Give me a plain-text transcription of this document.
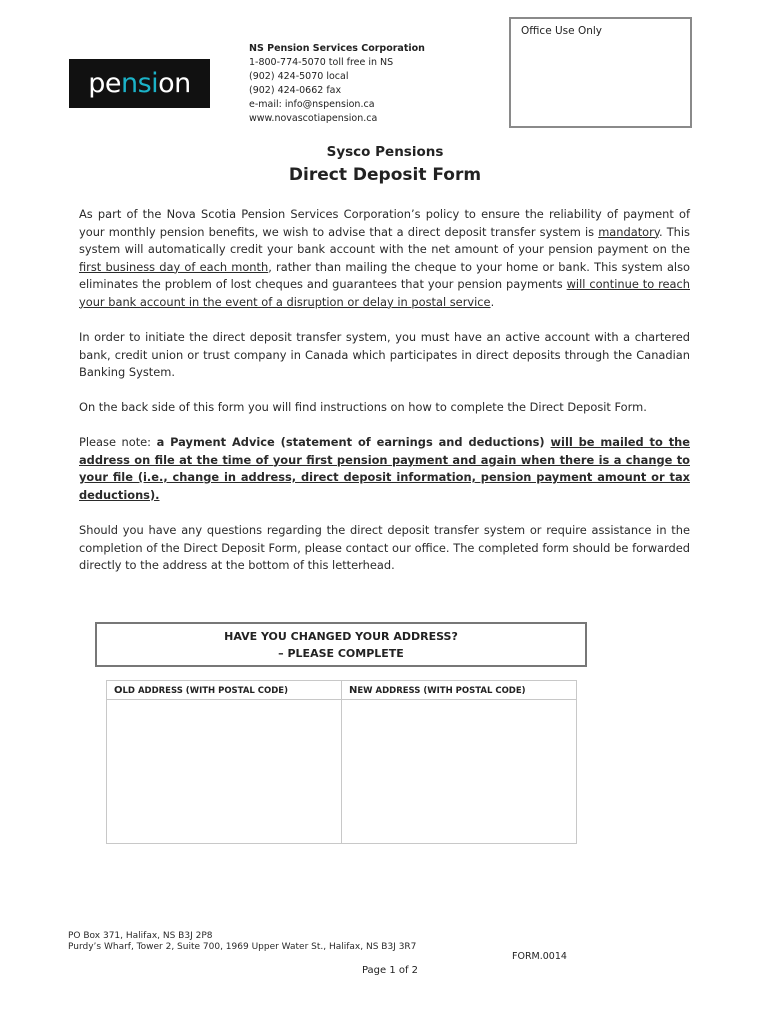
pe nsi on
NS Pension Services Corporation
1-800-774-5070 toll free in NS
(902) 424-5070 local
(902) 424-0662 fax
e-mail: info@nspension.ca
www.novascotiapension.ca
Office Use Only
Sysco Pensions
Direct Deposit Form
As part of the Nova Scotia Pension Services Corporation’s policy to ensure the reliability of payment of your monthly pension benefits, we wish to advise that a direct deposit transfer system is mandatory. This system will automatically credit your bank account with the net amount of your pension payment on the first business day of each month, rather than mailing the cheque to your home or bank. This system also eliminates the problem of lost cheques and guarantees that your pension payments will continue to reach your bank account in the event of a disruption or delay in postal service.
In order to initiate the direct deposit transfer system, you must have an active account with a chartered bank, credit union or trust company in Canada which participates in direct deposits through the Canadian Banking System.
On the back side of this form you will find instructions on how to complete the Direct Deposit Form.
Please note: a Payment Advice (statement of earnings and deductions) will be mailed to the address on file at the time of your first pension payment and again when there is a change to your file (i.e., change in address, direct deposit information, pension payment amount or tax deductions).
Should you have any questions regarding the direct deposit transfer system or require assistance in the completion of the Direct Deposit Form, please contact our office. The completed form should be forwarded directly to the address at the bottom of this letterhead.
HAVE YOU CHANGED YOUR ADDRESS?
– PLEASE COMPLETE
OLD ADDRESS (WITH POSTAL CODE)	NEW ADDRESS (WITH POSTAL CODE)

PO Box 371, Halifax, NS B3J 2P8
Purdy’s Wharf, Tower 2, Suite 700, 1969 Upper Water St., Halifax, NS B3J 3R7
FORM.0014
Page 1 of 2
